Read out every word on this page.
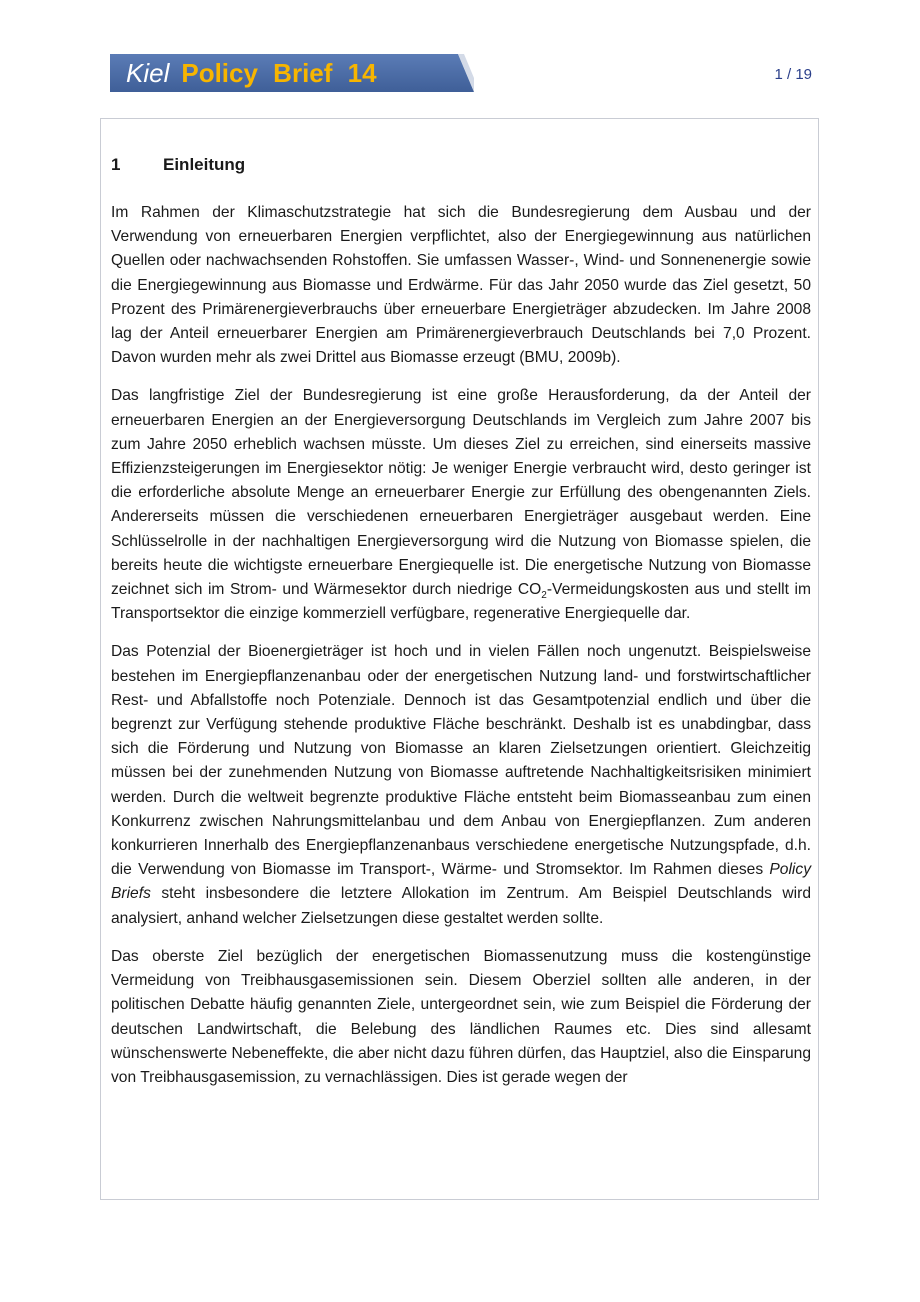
Kiel Policy Brief 14	1 / 19
1	Einleitung

Im Rahmen der Klimaschutzstrategie hat sich die Bundesregierung dem Ausbau und der Verwendung von erneuerbaren Energien verpflichtet, also der Energiegewinnung aus natürlichen Quellen oder nachwachsenden Rohstoffen. Sie umfassen Wasser-, Wind- und Sonnenenergie sowie die Energiegewinnung aus Biomasse und Erdwärme. Für das Jahr 2050 wurde das Ziel gesetzt, 50 Prozent des Primärenergieverbrauchs über erneuerbare Energieträger abzudecken. Im Jahre 2008 lag der Anteil erneuerbarer Energien am Primärenergieverbrauch Deutschlands bei 7,0 Prozent. Davon wurden mehr als zwei Drittel aus Biomasse erzeugt (BMU, 2009b).

Das langfristige Ziel der Bundesregierung ist eine große Herausforderung, da der Anteil der erneuerbaren Energien an der Energieversorgung Deutschlands im Vergleich zum Jahre 2007 bis zum Jahre 2050 erheblich wachsen müsste. Um dieses Ziel zu erreichen, sind einerseits massive Effizienzsteigerungen im Energiesektor nötig: Je weniger Energie verbraucht wird, desto geringer ist die erforderliche absolute Menge an erneuerbarer Energie zur Erfüllung des obengenannten Ziels. Andererseits müssen die verschiedenen erneuerbaren Energieträger ausgebaut werden. Eine Schlüsselrolle in der nachhaltigen Energieversorgung wird die Nutzung von Biomasse spielen, die bereits heute die wichtigste erneuerbare Energiequelle ist. Die energetische Nutzung von Biomasse zeichnet sich im Strom- und Wärmesektor durch niedrige $CO_2$-Vermeidungskosten aus und stellt im Transportsektor die einzige kommerziell verfügbare, regenerative Energiequelle dar.

Das Potenzial der Bioenergieträger ist hoch und in vielen Fällen noch ungenutzt. Beispielsweise bestehen im Energiepflanzenanbau oder der energetischen Nutzung land- und forstwirtschaftlicher Rest- und Abfallstoffe noch Potenziale. Dennoch ist das Gesamtpotenzial endlich und über die begrenzt zur Verfügung stehende produktive Fläche beschränkt. Deshalb ist es unabdingbar, dass sich die Förderung und Nutzung von Biomasse an klaren Zielsetzungen orientiert. Gleichzeitig müssen bei der zunehmenden Nutzung von Biomasse auftretende Nachhaltigkeitsrisiken minimiert werden. Durch die weltweit begrenzte produktive Fläche entsteht beim Biomasseanbau zum einen Konkurrenz zwischen Nahrungsmittelanbau und dem Anbau von Energiepflanzen. Zum anderen konkurrieren Innerhalb des Energiepflanzenanbaus verschiedene energetische Nutzungspfade, d.h. die Verwendung von Biomasse im Transport-, Wärme- und Stromsektor. Im Rahmen dieses Policy Briefs steht insbesondere die letztere Allokation im Zentrum. Am Beispiel Deutschlands wird analysiert, anhand welcher Zielsetzungen diese gestaltet werden sollte.

Das oberste Ziel bezüglich der energetischen Biomassenutzung muss die kostengünstige Vermeidung von Treibhausgasemissionen sein. Diesem Oberziel sollten alle anderen, in der politischen Debatte häufig genannten Ziele, untergeordnet sein, wie zum Beispiel die Förderung der deutschen Landwirtschaft, die Belebung des ländlichen Raumes etc. Dies sind allesamt wünschenswerte Nebeneffekte, die aber nicht dazu führen dürfen, das Hauptziel, also die Einsparung von Treibhausgasemission, zu vernachlässigen. Dies ist gerade wegen der
